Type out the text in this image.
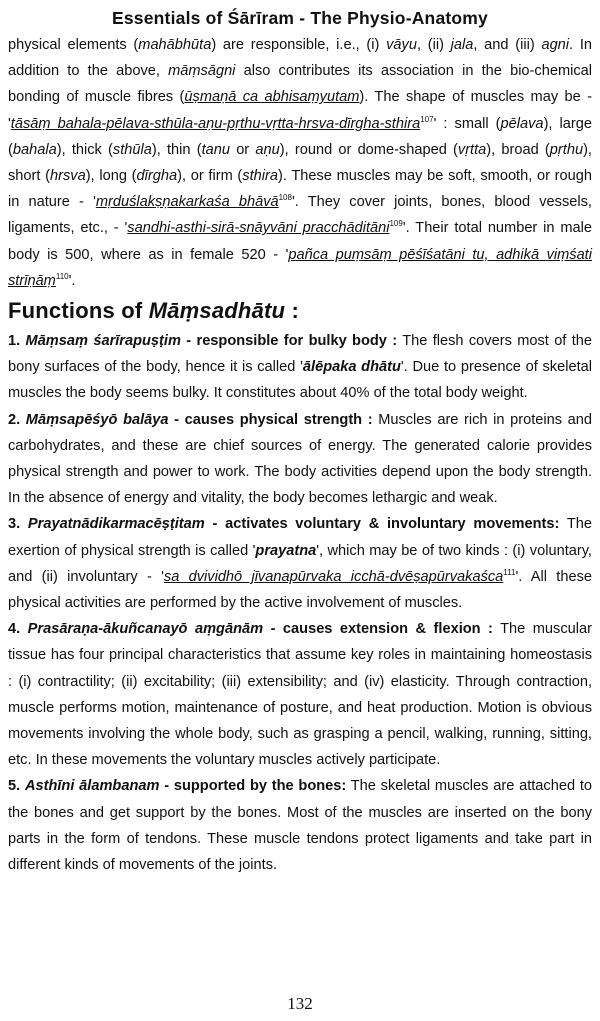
Essentials of Śārīram - The Physio-Anatomy

physical elements (mahābhūta) are responsible, i.e., (i) vāyu, (ii) jala, and (iii) agni. In addition to the above, māṃsāgni also contributes its association in the bio-chemical bonding of muscle fibres (ūṣmaṇā ca abhisaṃyutam). The shape of muscles may be - 'tāsāṃ bahala-pēlava-sthūla-aṇu-pṛthu-vṛtta-hrsva-dīrgha-sthira$^{107}$' : small (pēlava), large (bahala), thick (sthūla), thin (tanu or aṇu), round or dome-shaped (vṛtta), broad (pṛthu), short (hrsva), long (dīrgha), or firm (sthira). These muscles may be soft, smooth, or rough in nature - 'mṛduślakṣṇakarkaśa bhāvā$^{108}$'. They cover joints, bones, blood vessels, ligaments, etc., - 'sandhi-asthi-sirā-snāyvāni pracchāditāni$^{109}$'. Their total number in male body is 500, where as in female 520 - 'pañca puṃsāṃ pēśīśatāni tu, adhikā viṃśati strīṇāṃ$^{110}$'.

Functions of Māṃsadhātu :

1. Māṃsaṃ śarīrapuṣṭim - responsible for bulky body : The flesh covers most of the bony surfaces of the body, hence it is called 'ālēpaka dhātu'. Due to presence of skeletal muscles the body seems bulky. It constitutes about 40% of the total body weight.

2. Māṃsapēśyō balāya - causes physical strength : Muscles are rich in proteins and carbohydrates, and these are chief sources of energy. The generated calorie provides physical strength and power to work. The body activities depend upon the body strength. In the absence of energy and vitality, the body becomes lethargic and weak.

3. Prayatnādikarmacēṣṭitam - activates voluntary & involuntary movements: The exertion of physical strength is called 'prayatna', which may be of two kinds : (i) voluntary, and (ii) involuntary - 'sa dvividhō jīvanapūrvaka icchā-dvēṣapūrvakaśca$^{111}$'. All these physical activities are performed by the active involvement of muscles.

4. Prasāraṇa-ākuñcanayō aṃgānām - causes extension & flexion : The muscular tissue has four principal characteristics that assume key roles in maintaining homeostasis : (i) contractility; (ii) excitability; (iii) extensibility; and (iv) elasticity. Through contraction, muscle performs motion, maintenance of posture, and heat production. Motion is obvious movements involving the whole body, such as grasping a pencil, walking, running, sitting, etc. In these movements the voluntary muscles actively participate.

5. Asthīni ālambanam - supported by the bones: The skeletal muscles are attached to the bones and get support by the bones. Most of the muscles are inserted on the bony parts in the form of tendons. These muscle tendons protect ligaments and take part in different kinds of movements of the joints.

132
